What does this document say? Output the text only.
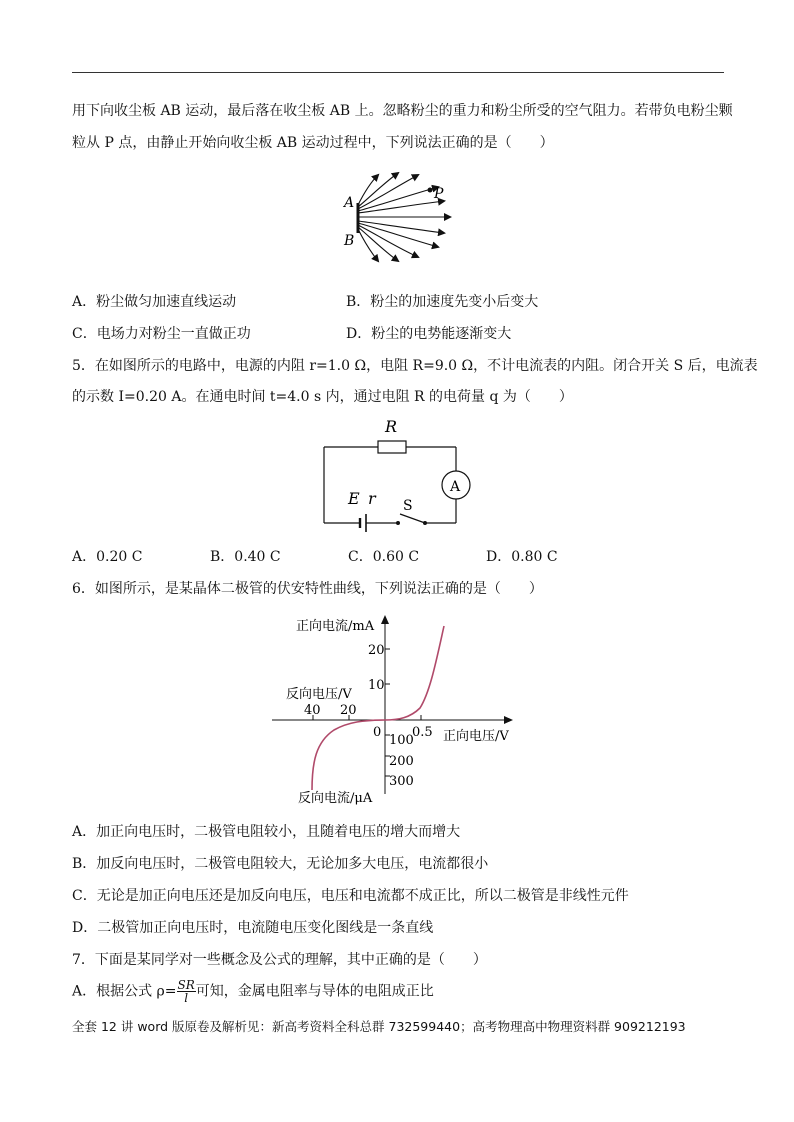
用下向收尘板 AB 运动，最后落在收尘板 AB 上。忽略粉尘的重力和粉尘所受的空气阻力。若带负电粉尘颗
粒从 P 点，由静止开始向收尘板 AB 运动过程中，下列说法正确的是（　　）
A
B
P
A．粉尘做匀加速直线运动	B．粉尘的加速度先变小后变大
C．电场力对粉尘一直做正功	D．粉尘的电势能逐渐变大
5．在如图所示的电路中，电源的内阻 r=1.0 Ω，电阻 R=9.0 Ω，不计电流表的内阻。闭合开关 S 后，电流表
的示数 I=0.20 A。在通电时间 t=4.0 s 内，通过电阻 R 的电荷量 q 为（　　）
R
A
E r S
A．0.20 C	B．0.40 C	C．0.60 C	D．0.80 C
6．如图所示，是某晶体二极管的伏安特性曲线，下列说法正确的是（　　）
正向电流/mA
20
10
反向电压/V
40 20
0 0.5 正向电压/V
100
200
300
反向电流/μA
A．加正向电压时，二极管电阻较小，且随着电压的增大而增大
B．加反向电压时，二极管电阻较大，无论加多大电压，电流都很小
C．无论是加正向电压还是加反向电压，电压和电流都不成正比，所以二极管是非线性元件
D．二极管加正向电压时，电流随电压变化图线是一条直线
7．下面是某同学对一些概念及公式的理解，其中正确的是（　　）
A．根据公式 $\rho= \frac{SR}{l}$ 可知，金属电阻率与导体的电阻成正比
全套 12 讲 word 版原卷及解析见：新高考资料全科总群 732599440；高考物理高中物理资料群 909212193
